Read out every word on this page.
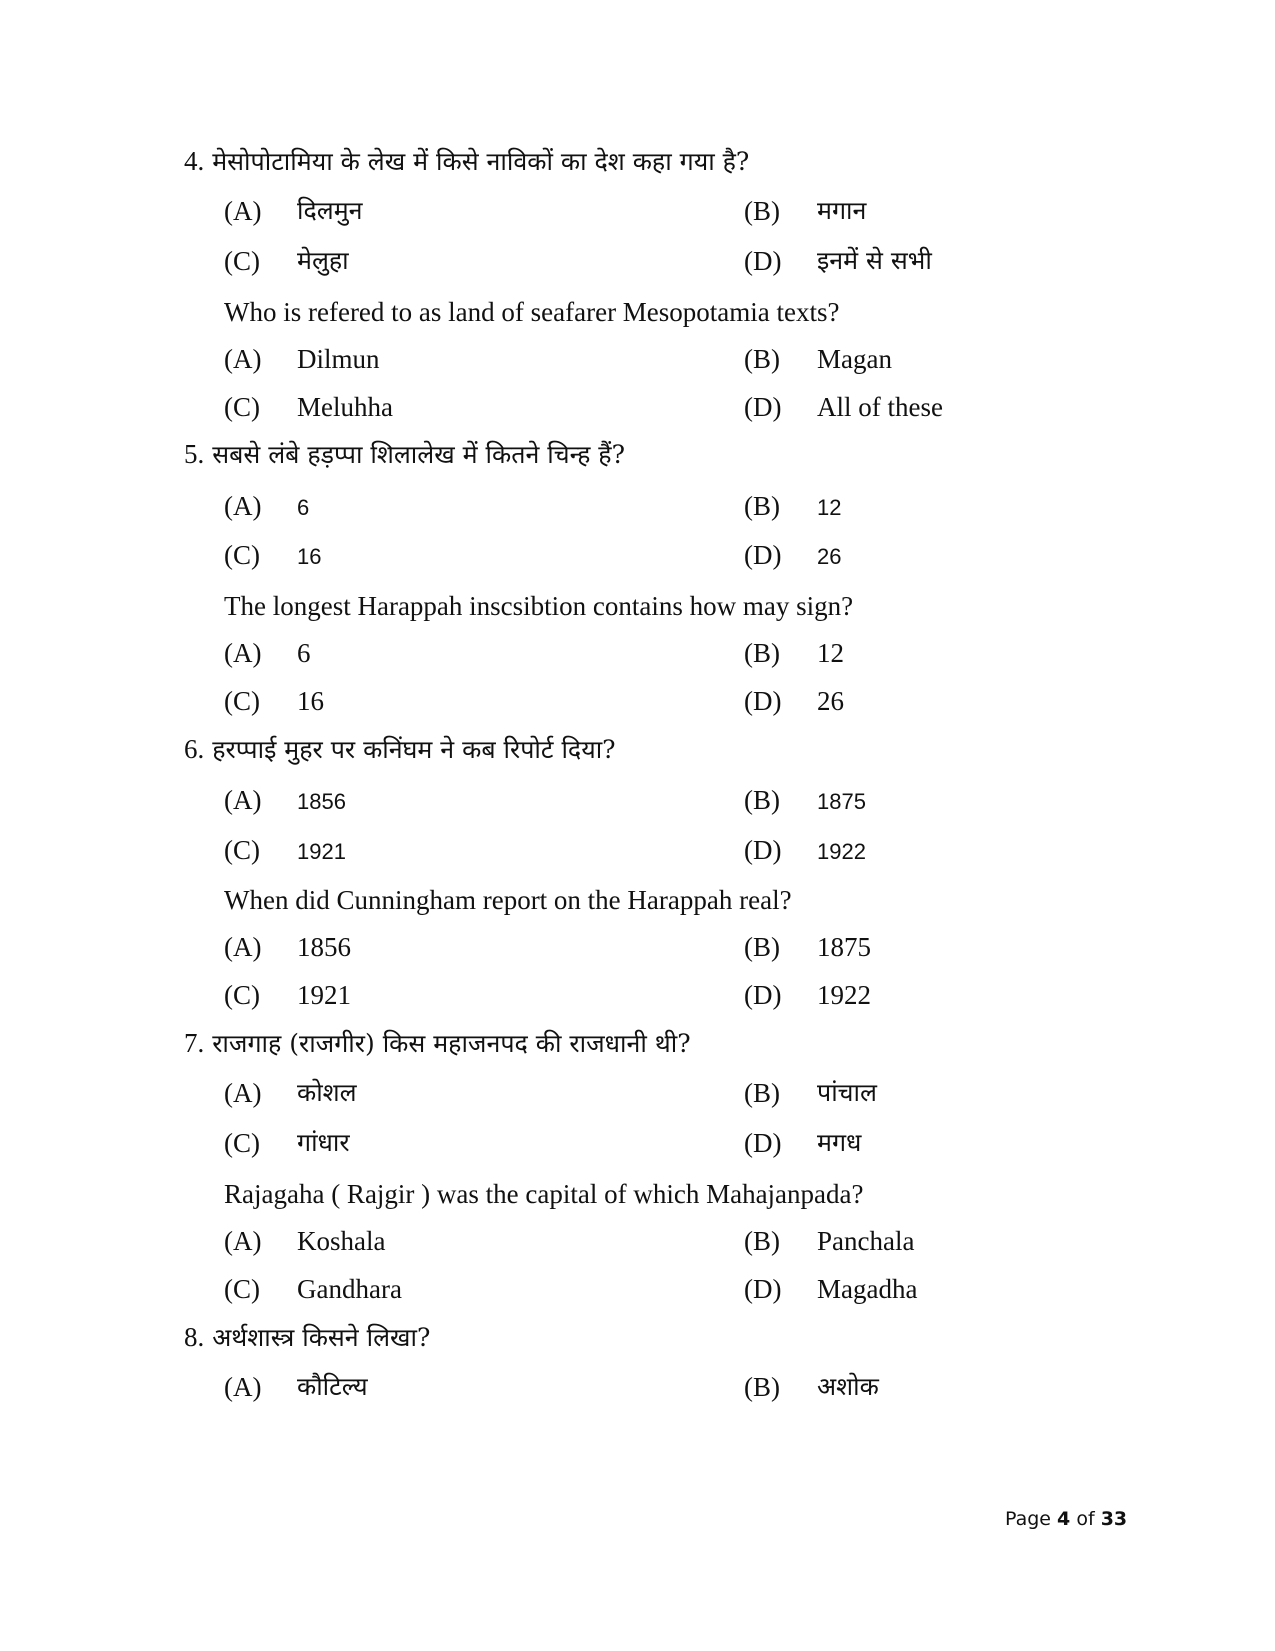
4. मेसोपोटामिया के लेख में किसे नाविकों का देश कहा गया है?
(A) दिलमुन	(B) मगान
(C) मेलुहा	(D) इनमें से सभी
Who is refered to as land of seafarer Mesopotamia texts?
(A) Dilmun	(B) Magan
(C) Meluhha	(D) All of these
5. सबसे लंबे हड़प्पा शिलालेख में कितने चिन्ह हैं?
(A) 6	(B) 12
(C) 16	(D) 26
The longest Harappah inscsibtion contains how may sign?
(A) 6	(B) 12
(C) 16	(D) 26
6. हरप्पाई मुहर पर कनिंघम ने कब रिपोर्ट दिया?
(A) 1856	(B) 1875
(C) 1921	(D) 1922
When did Cunningham report on the Harappah real?
(A) 1856	(B) 1875
(C) 1921	(D) 1922
7. राजगाह (राजगीर) किस महाजनपद की राजधानी थी?
(A) कोशल	(B) पांचाल
(C) गांधार	(D) मगध
Rajagaha ( Rajgir ) was the capital of which Mahajanpada?
(A) Koshala	(B) Panchala
(C) Gandhara	(D) Magadha
8. अर्थशास्त्र किसने लिखा?
(A) कौटिल्य	(B) अशोक
Page 4 of 33
